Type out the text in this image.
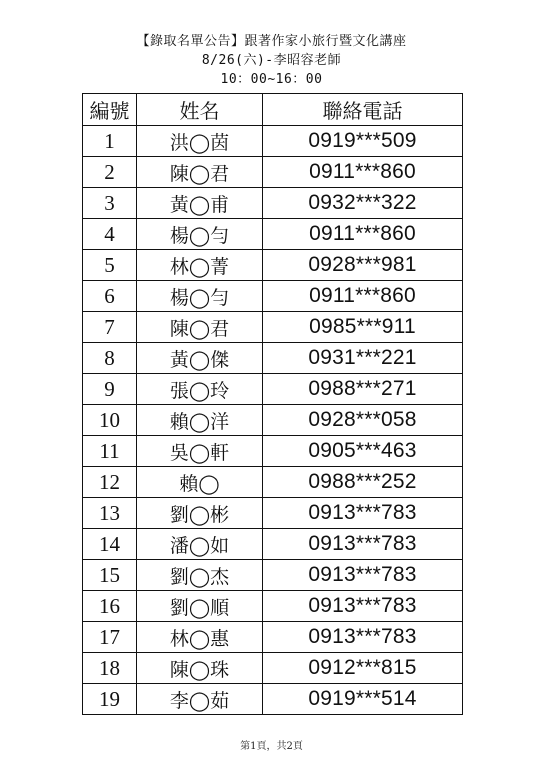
【錄取名單公告】跟著作家小旅行暨文化講座
8/26(六)-李昭容老師
10：00~16：00
編號	姓名	聯絡電話
1	洪◯茵	0919***509
2	陳◯君	0911***860
3	黃◯甫	0932***322
4	楊◯勻	0911***860
5	林◯菁	0928***981
6	楊◯勻	0911***860
7	陳◯君	0985***911
8	黃◯傑	0931***221
9	張◯玲	0988***271
10	賴◯洋	0928***058
11	吳◯軒	0905***463
12	賴◯	0988***252
13	劉◯彬	0913***783
14	潘◯如	0913***783
15	劉◯杰	0913***783
16	劉◯順	0913***783
17	林◯惠	0913***783
18	陳◯珠	0912***815
19	李◯茹	0919***514
第1頁，共2頁
